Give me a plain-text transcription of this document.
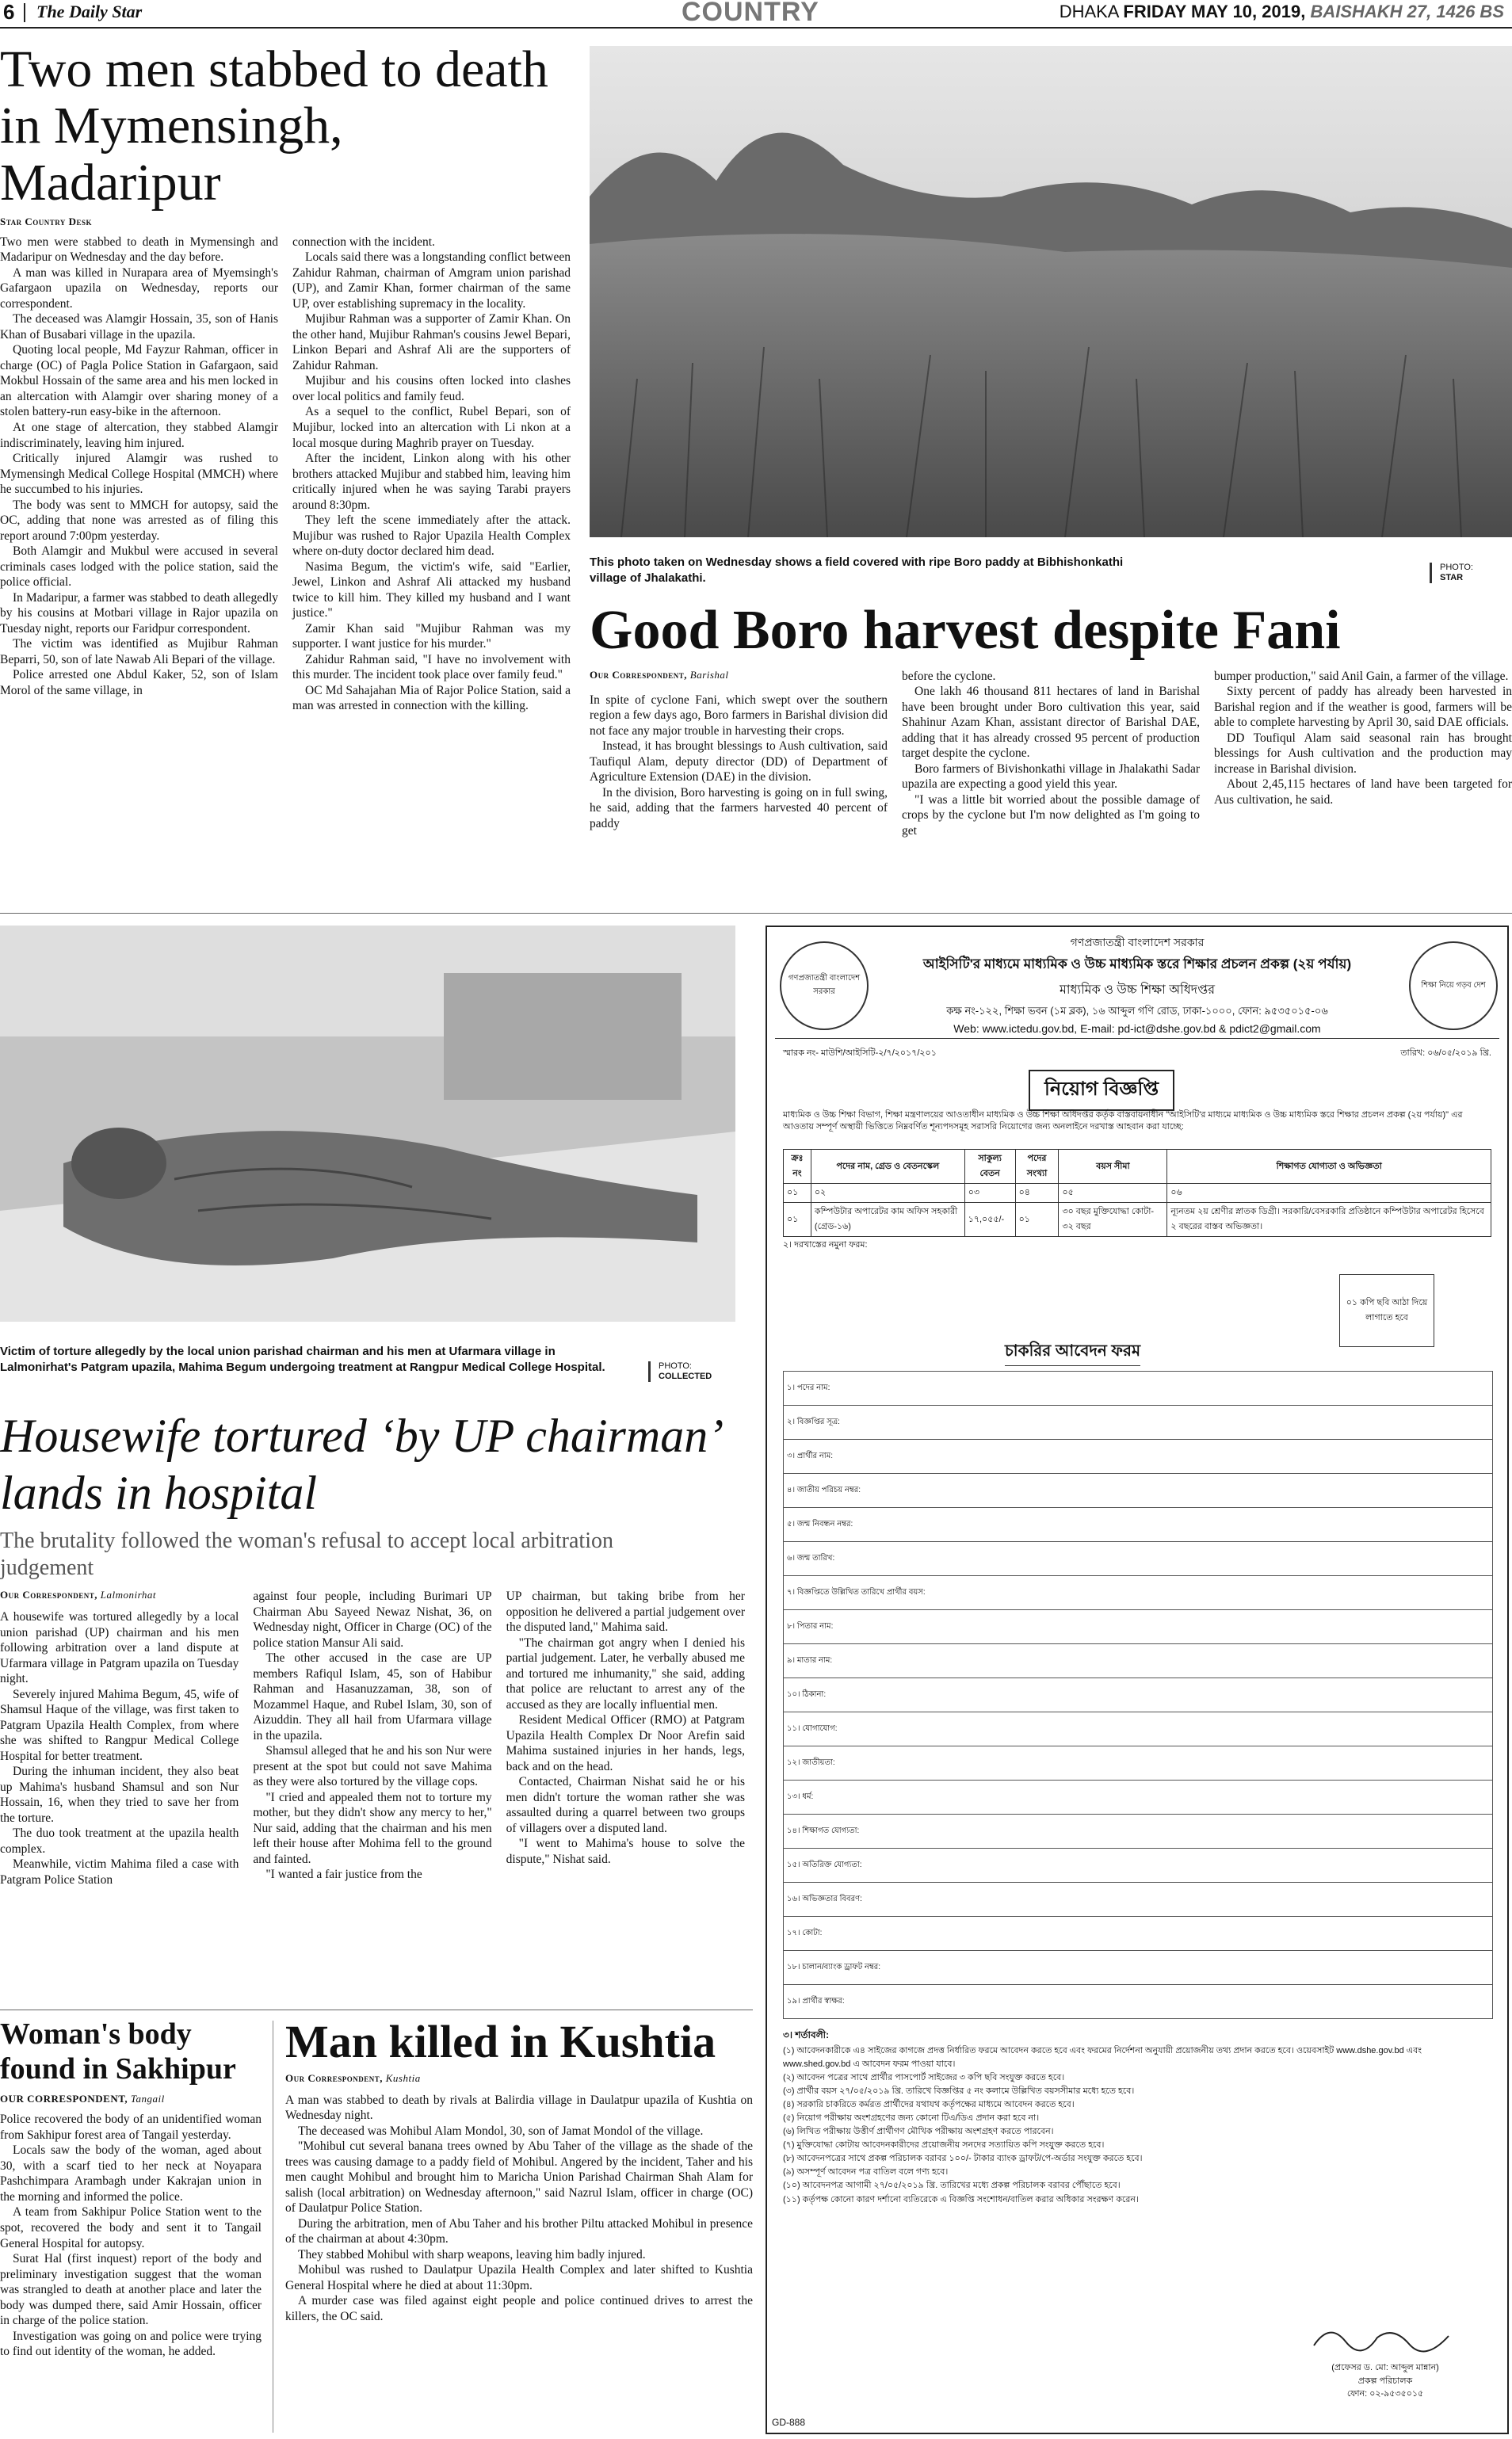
6 The Daily Star	COUNTRY	DHAKA FRIDAY MAY 10, 2019, BAISHAKH 27, 1426 BS
Two men stabbed to death in Mymensingh, Madaripur
Star Country Desk

Two men were stabbed to death in Mymensingh and Madaripur on Wednesday and the day before.

A man was killed in Nurapara area of Myemsingh's Gafargaon upazila on Wednesday, reports our correspondent.

The deceased was Alamgir Hossain, 35, son of Hanis Khan of Busabari village in the upazila.

Quoting local people, Md Fayzur Rahman, officer in charge (OC) of Pagla Police Station in Gafargaon, said Mokbul Hossain of the same area and his men locked in an altercation with Alamgir over sharing money of a stolen battery-run easy-bike in the afternoon.

At one stage of altercation, they stabbed Alamgir indiscriminately, leaving him injured.

Critically injured Alamgir was rushed to Mymensingh Medical College Hospital (MMCH) where he succumbed to his injuries.

The body was sent to MMCH for autopsy, said the OC, adding that none was arrested as of filing this report around 7:00pm yesterday.

Both Alamgir and Mukbul were accused in several criminals cases lodged with the police station, said the police official.

In Madaripur, a farmer was stabbed to death allegedly by his cousins at Motbari village in Rajor upazila on Tuesday night, reports our Faridpur correspondent.

The victim was identified as Mujibur Rahman Beparri, 50, son of late Nawab Ali Bepari of the village.

Police arrested one Abdul Kaker, 52, son of Islam Morol of the same village, in

connection with the incident.

Locals said there was a longstanding conflict between Zahidur Rahman, chairman of Amgram union parishad (UP), and Zamir Khan, former chairman of the same UP, over establishing supremacy in the locality.

Mujibur Rahman was a supporter of Zamir Khan. On the other hand, Mujibur Rahman's cousins Jewel Bepari, Linkon Bepari and Ashraf Ali are the supporters of Zahidur Rahman.

Mujibur and his cousins often locked into clashes over local politics and family feud.

As a sequel to the conflict, Rubel Bepari, son of Mujibur, locked into an altercation with Li nkon at a local mosque during Maghrib prayer on Tuesday.

After the incident, Linkon along with his other brothers attacked Mujibur and stabbed him, leaving him critically injured when he was saying Tarabi prayers around 8:30pm.

They left the scene immediately after the attack. Mujibur was rushed to Rajor Upazila Health Complex where on-duty doctor declared him dead.

Nasima Begum, the victim's wife, said "Earlier, Jewel, Linkon and Ashraf Ali attacked my husband twice to kill him. They killed my husband and I want justice."

Zamir Khan said "Mujibur Rahman was my supporter. I want justice for his murder."

Zahidur Rahman said, "I have no involvement with this murder. The incident took place over family feud."

OC Md Sahajahan Mia of Rajor Police Station, said a man was arrested in connection with the killing.

This photo taken on Wednesday shows a field covered with ripe Boro paddy at Bibhishonkathi village of Jhalakathi.
PHOTO:
STAR
Good Boro harvest despite Fani
Our Correspondent, Barishal

In spite of cyclone Fani, which swept over the southern region a few days ago, Boro farmers in Barishal division did not face any major trouble in harvesting their crops.

Instead, it has brought blessings to Aush cultivation, said Taufiqul Alam, deputy director (DD) of Department of Agriculture Extension (DAE) in the division.

In the division, Boro harvesting is going on in full swing, he said, adding that the farmers harvested 40 percent of paddy

before the cyclone.

One lakh 46 thousand 811 hectares of land in Barishal have been brought under Boro cultivation this year, said Shahinur Azam Khan, assistant director of Barishal DAE, adding that it has already crossed 95 percent of production target despite the cyclone.

Boro farmers of Bivishonkathi village in Jhalakathi Sadar upazila are expecting a good yield this year.

"I was a little bit worried about the possible damage of crops by the cyclone but I'm now delighted as I'm going to get

bumper production," said Anil Gain, a farmer of the village.

Sixty percent of paddy has already been harvested in Barishal region and if the weather is good, farmers will be able to complete harvesting by April 30, said DAE officials.

DD Toufiqul Alam said seasonal rain has brought blessings for Aush cultivation and the production may increase in Barishal division.

About 2,45,115 hectares of land have been targeted for Aus cultivation, he said.

Victim of torture allegedly by the local union parishad chairman and his men at Ufarmara village in Lalmonirhat's Patgram upazila, Mahima Begum undergoing treatment at Rangpur Medical College Hospital.	PHOTO:
COLLECTED
Housewife tortured ‘by UP chairman’ lands in hospital
The brutality followed the woman's refusal to accept local arbitration judgement
Our Correspondent, Lalmonirhat

A housewife was tortured allegedly by a local union parishad (UP) chairman and his men following arbitration over a land dispute at Ufarmara village in Patgram upazila on Tuesday night.

Severely injured Mahima Begum, 45, wife of Shamsul Haque of the village, was first taken to Patgram Upazila Health Complex, from where she was shifted to Rangpur Medical College Hospital for better treatment.

During the inhuman incident, they also beat up Mahima's husband Shamsul and son Nur Hossain, 16, when they tried to save her from the torture.

The duo took treatment at the upazila health complex.

Meanwhile, victim Mahima filed a case with Patgram Police Station

against four people, including Burimari UP Chairman Abu Sayeed Newaz Nishat, 36, on Wednesday night, Officer in Charge (OC) of the police station Mansur Ali said.

The other accused in the case are UP members Rafiqul Islam, 45, son of Habibur Rahman and Hasanuzzaman, 38, son of Mozammel Haque, and Rubel Islam, 30, son of Aizuddin. They all hail from Ufarmara village in the upazila.

Shamsul alleged that he and his son Nur were present at the spot but could not save Mahima as they were also tortured by the village cops.

"I cried and appealed them not to torture my mother, but they didn't show any mercy to her," Nur said, adding that the chairman and his men left their house after Mohima fell to the ground and fainted.

"I wanted a fair justice from the

UP chairman, but taking bribe from her opposition he delivered a partial judgement over the disputed land," Mahima said.

"The chairman got angry when I denied his partial judgement. Later, he verbally abused me and tortured me inhumanity," she said, adding that police are reluctant to arrest any of the accused as they are locally influential men.

Resident Medical Officer (RMO) at Patgram Upazila Health Complex Dr Noor Arefin said Mahima sustained injuries in her hands, legs, back and on the head.

Contacted, Chairman Nishat said he or his men didn't torture the woman rather she was assaulted during a quarrel between two groups of villagers over a disputed land.

"I went to Mahima's house to solve the dispute," Nishat said.

Woman's body found in Sakhipur
OUR CORRESPONDENT, Tangail

Police recovered the body of an unidentified woman from Sakhipur forest area of Tangail yesterday.

Locals saw the body of the woman, aged about 30, with a scarf tied to her neck at Noyapara Pashchimpara Arambagh under Kakrajan union in the morning and informed the police.

A team from Sakhipur Police Station went to the spot, recovered the body and sent it to Tangail General Hospital for autopsy.

Surat Hal (first inquest) report of the body and preliminary investigation suggest that the woman was strangled to death at another place and later the body was dumped there, said Amir Hossain, officer in charge of the police station.

Investigation was going on and police were trying to find out identity of the woman, he added.

Man killed in Kushtia
Our Correspondent, Kushtia

A man was stabbed to death by rivals at Balirdia village in Daulatpur upazila of Kushtia on Wednesday night.

The deceased was Mohibul Alam Mondol, 30, son of Jamat Mondol of the village.

"Mohibul cut several banana trees owned by Abu Taher of the village as the shade of the trees was causing damage to a paddy field of Mohibul. Angered by the incident, Taher and his men caught Mohibul and brought him to Maricha Union Parishad Chairman Shah Alam for salish (local arbitration) on Wednesday afternoon," said Nazrul Islam, officer in charge (OC) of Daulatpur Police Station.

During the arbitration, men of Abu Taher and his brother Piltu attacked Mohibul in presence of the chairman at about 4:30pm.

They stabbed Mohibul with sharp weapons, leaving him badly injured.

Mohibul was rushed to Daulatpur Upazila Health Complex and later shifted to Kushtia General Hospital where he died at about 11:30pm.

A murder case was filed against eight people and police continued drives to arrest the killers, the OC said.

গণপ্রজাতন্ত্রী বাংলাদেশ সরকার
শিক্ষা নিয়ে গড়ব দেশ
গণপ্রজাতন্ত্রী বাংলাদেশ সরকার
আইসিটি'র মাধ্যমে মাধ্যমিক ও উচ্চ মাধ্যমিক স্তরে শিক্ষার প্রচলন প্রকল্প (২য় পর্যায়)
মাধ্যমিক ও উচ্চ শিক্ষা অধিদপ্তর
কক্ষ নং-১২২, শিক্ষা ভবন (১ম ব্লক), ১৬ আব্দুল গণি রোড, ঢাকা-১০০০, ফোন: ৯৫৩৫০১৫-০৬
Web: www.ictedu.gov.bd, E-mail: pd-ict@dshe.gov.bd & pdict2@gmail.com
স্মারক নং- মাউশি/আইসিটি-২/৭/২০১৭/২০১	তারিখ: ০৬/০৫/২০১৯ খ্রি.
নিয়োগ বিজ্ঞপ্তি
মাধ্যমিক ও উচ্চ শিক্ষা বিভাগ, শিক্ষা মন্ত্রণালয়ের আওতাধীন মাধ্যমিক ও উচ্চ শিক্ষা অধিদপ্তর কর্তৃক বাস্তবায়নাধীন "আইসিটি'র মাধ্যমে মাধ্যমিক ও উচ্চ মাধ্যমিক স্তরে শিক্ষার প্রচলন প্রকল্প (২য় পর্যায়)" এর আওতায় সম্পূর্ণ অস্থায়ী ভিত্তিতে নিম্নবর্ণিত শূন্যপদসমূহ সরাসরি নিয়োগের জন্য অনলাইনে দরখাস্ত আহবান করা যাচ্ছে:
ক্রঃ নং	পদের নাম, গ্রেড ও বেতনস্কেল	সাকুল্য বেতন	পদের সংখ্যা	বয়স সীমা	শিক্ষাগত যোগ্যতা ও অভিজ্ঞতা
০১	০২	০৩	০৪	০৫	০৬
০১	কম্পিউটার অপারেটর কাম অফিস সহকারী (গ্রেড-১৬)	১৭,০৫৫/-	০১	৩০ বছর মুক্তিযোদ্ধা কোটা- ৩২ বছর	ন্যূনতম ২য় শ্রেণীর স্নাতক ডিগ্রী। সরকারি/বেসরকারি প্রতিষ্ঠানে কম্পিউটার অপারেটর হিসেবে ২ বছরের বাস্তব অভিজ্ঞতা।
২। দরখাস্তের নমুনা ফরম:
চাকরির আবেদন ফরম
০১ কপি ছবি আঠা দিয়ে লাগাতে হবে
১। পদের নাম:
২। বিজ্ঞপ্তির সূত্র:
৩। প্রার্থীর নাম:
৪। জাতীয় পরিচয় নম্বর:
৫। জন্ম নিবন্ধন নম্বর:
৬। জন্ম তারিখ:
৭। বিজ্ঞপ্তিতে উল্লিখিত তারিখে প্রার্থীর বয়স:
৮। পিতার নাম:
৯। মাতার নাম:
১০। ঠিকানা:
১১। যোগাযোগ:
১২। জাতীয়তা:
১৩। ধর্ম:
১৪। শিক্ষাগত যোগ্যতা:
১৫। অতিরিক্ত যোগ্যতা:
১৬। অভিজ্ঞতার বিবরণ:
১৭। কোটা:
১৮। চালান/ব্যাংক ড্রাফট নম্বর:
১৯। প্রার্থীর স্বাক্ষর:
৩। শর্তাবলী:
(১) আবেদনকারীকে এ৪ সাইজের কাগজে প্রদত্ত নির্ধারিত ফরমে আবেদন করতে হবে এবং ফরমের নির্দেশনা অনুযায়ী প্রয়োজনীয় তথ্য প্রদান করতে হবে। ওয়েবসাইট www.dshe.gov.bd এবং www.shed.gov.bd এ আবেদন ফরম পাওয়া যাবে।
(২) আবেদন পত্রের সাথে প্রার্থীর পাসপোর্ট সাইজের ৩ কপি ছবি সংযুক্ত করতে হবে।
(৩) প্রার্থীর বয়স ২৭/০৫/২০১৯ খ্রি. তারিখে বিজ্ঞপ্তির ৫ নং কলামে উল্লিখিত বয়সসীমার মধ্যে হতে হবে।
(৪) সরকারি চাকরিতে কর্মরত প্রার্থীদের যথাযথ কর্তৃপক্ষের মাধ্যমে আবেদন করতে হবে।
(৫) নিয়োগ পরীক্ষায় অংশগ্রহণের জন্য কোনো টিএ/ডিএ প্রদান করা হবে না।
(৬) লিখিত পরীক্ষায় উত্তীর্ণ প্রার্থীগণ মৌখিক পরীক্ষায় অংশগ্রহণ করতে পারবেন।
(৭) মুক্তিযোদ্ধা কোটায় আবেদনকারীদের প্রয়োজনীয় সনদের সত্যায়িত কপি সংযুক্ত করতে হবে।
(৮) আবেদনপত্রের সাথে প্রকল্প পরিচালক বরাবর ১০০/- টাকার ব্যাংক ড্রাফট/পে-অর্ডার সংযুক্ত করতে হবে।
(৯) অসম্পূর্ণ আবেদন পত্র বাতিল বলে গণ্য হবে।
(১০) আবেদনপত্র আগামী ২৭/০৫/২০১৯ খ্রি. তারিখের মধ্যে প্রকল্প পরিচালক বরাবর পৌঁছাতে হবে।
(১১) কর্তৃপক্ষ কোনো কারণ দর্শানো ব্যতিরেকে এ বিজ্ঞপ্তি সংশোধন/বাতিল করার অধিকার সংরক্ষণ করেন।
(প্রফেসর ড. মো: আব্দুল মান্নান)
প্রকল্প পরিচালক
ফোন: ০২-৯৫৩৫০১৫
GD-888
